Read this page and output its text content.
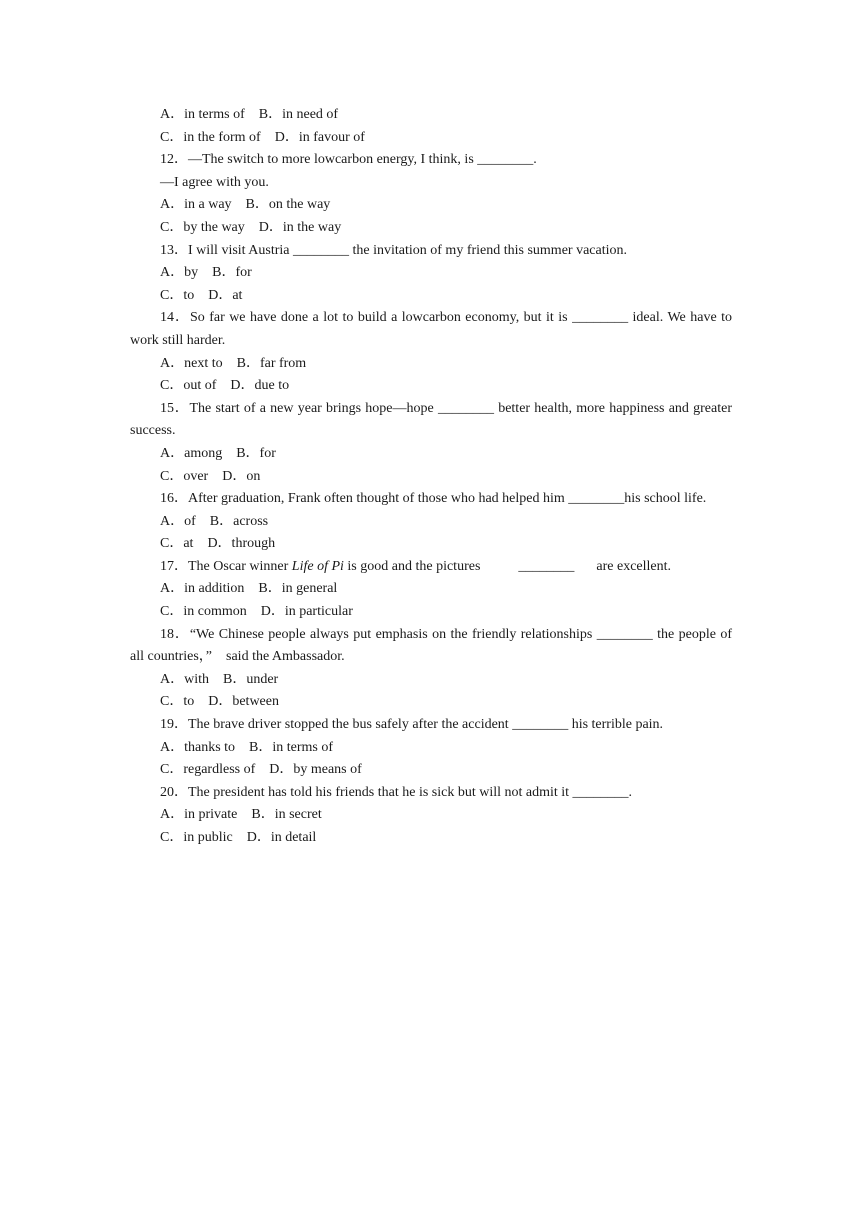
A．in terms of　B．in need of

C．in the form of　D．in favour of

12．—The switch to more lowcarbon energy, I think, is ________.

—I agree with you.

A．in a way　B．on the way

C．by the way　D．in the way

13．I will visit Austria ________ the invitation of my friend this summer vacation.

A．by　B．for

C．to　D．at

14．So far we have done a lot to build a lowcarbon economy, but it is ________ ideal. We have to work still harder.

A．next to　B．far from

C．out of　D．due to

15．The start of a new year brings hope—hope ________ better health, more happiness and greater success.

A．among　B．for

C．over　D．on

16．After graduation, Frank often thought of those who had helped him ________his school life.

A．of　B．across

C．at　D．through

17．The Oscar winner Life of Pi is good and the pictures	________ are excellent.

A．in addition　B．in general

C．in common　D．in particular

18．“We Chinese people always put emphasis on the friendly relationships ________ the people of all countries，”　said the Ambassador.

A．with　B．under

C．to　D．between

19．The brave driver stopped the bus safely after the accident ________ his terrible pain.

A．thanks to　B．in terms of

C．regardless of　D．by means of

20．The president has told his friends that he is sick but will not admit it ________.

A．in private　B．in secret

C．in public　D．in detail
